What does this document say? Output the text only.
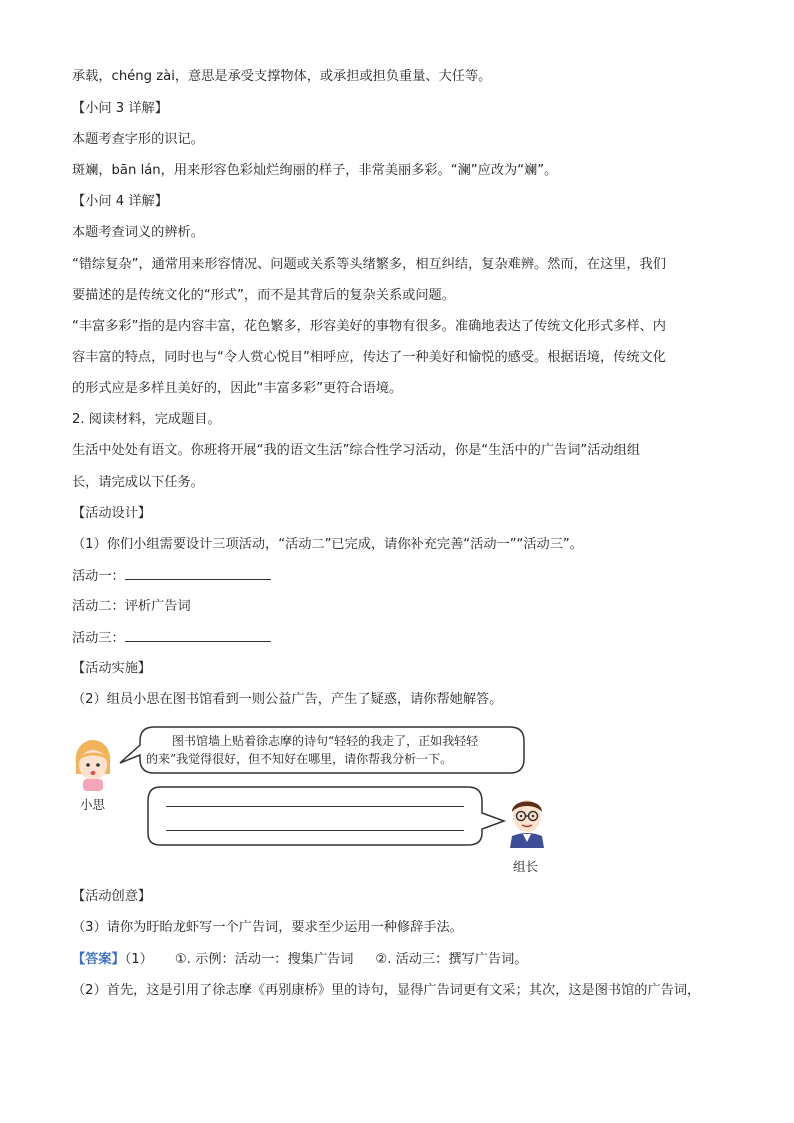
承载，chéng zài，意思是承受支撑物体，或承担或担负重量、大任等。
【小问 3 详解】
本题考查字形的识记。
斑斓，bān lán，用来形容色彩灿烂绚丽的样子，非常美丽多彩。“澜”应改为“斓”。
【小问 4 详解】
本题考查词义的辨析。
“错综复杂”，通常用来形容情况、问题或关系等头绪繁多，相互纠结，复杂难辨。然而，在这里，我们
要描述的是传统文化的“形式”，而不是其背后的复杂关系或问题。
“丰富多彩”指的是内容丰富，花色繁多，形容美好的事物有很多。准确地表达了传统文化形式多样、内
容丰富的特点，同时也与“令人赏心悦目”相呼应，传达了一种美好和愉悦的感受。根据语境，传统文化
的形式应是多样且美好的，因此“丰富多彩”更符合语境。
2. 阅读材料，完成题目。
生活中处处有语文。你班将开展“我的语文生活”综合性学习活动，你是“生活中的广告词”活动组组
长，请完成以下任务。
【活动设计】
（1）你们小组需要设计三项活动，“活动二”已完成，请你补充完善“活动一”“活动三”。
活动一：
活动二：评析广告词
活动三：
【活动实施】
（2）组员小思在图书馆看到一则公益广告，产生了疑惑，请你帮她解答。
小思
图书馆墙上贴着徐志摩的诗句“轻轻的我走了，正如我轻轻
的来”我觉得很好，但不知好在哪里，请你帮我分析一下。
组长
【活动创意】
（3）请你为盱眙龙虾写一个广告词，要求至少运用一种修辞手法。
【答案】（1） ①. 示例：活动一：搜集广告词 ②. 活动三：撰写广告词。
（2）首先，这是引用了徐志摩《再别康桥》里的诗句，显得广告词更有文采；其次，这是图书馆的广告词，
